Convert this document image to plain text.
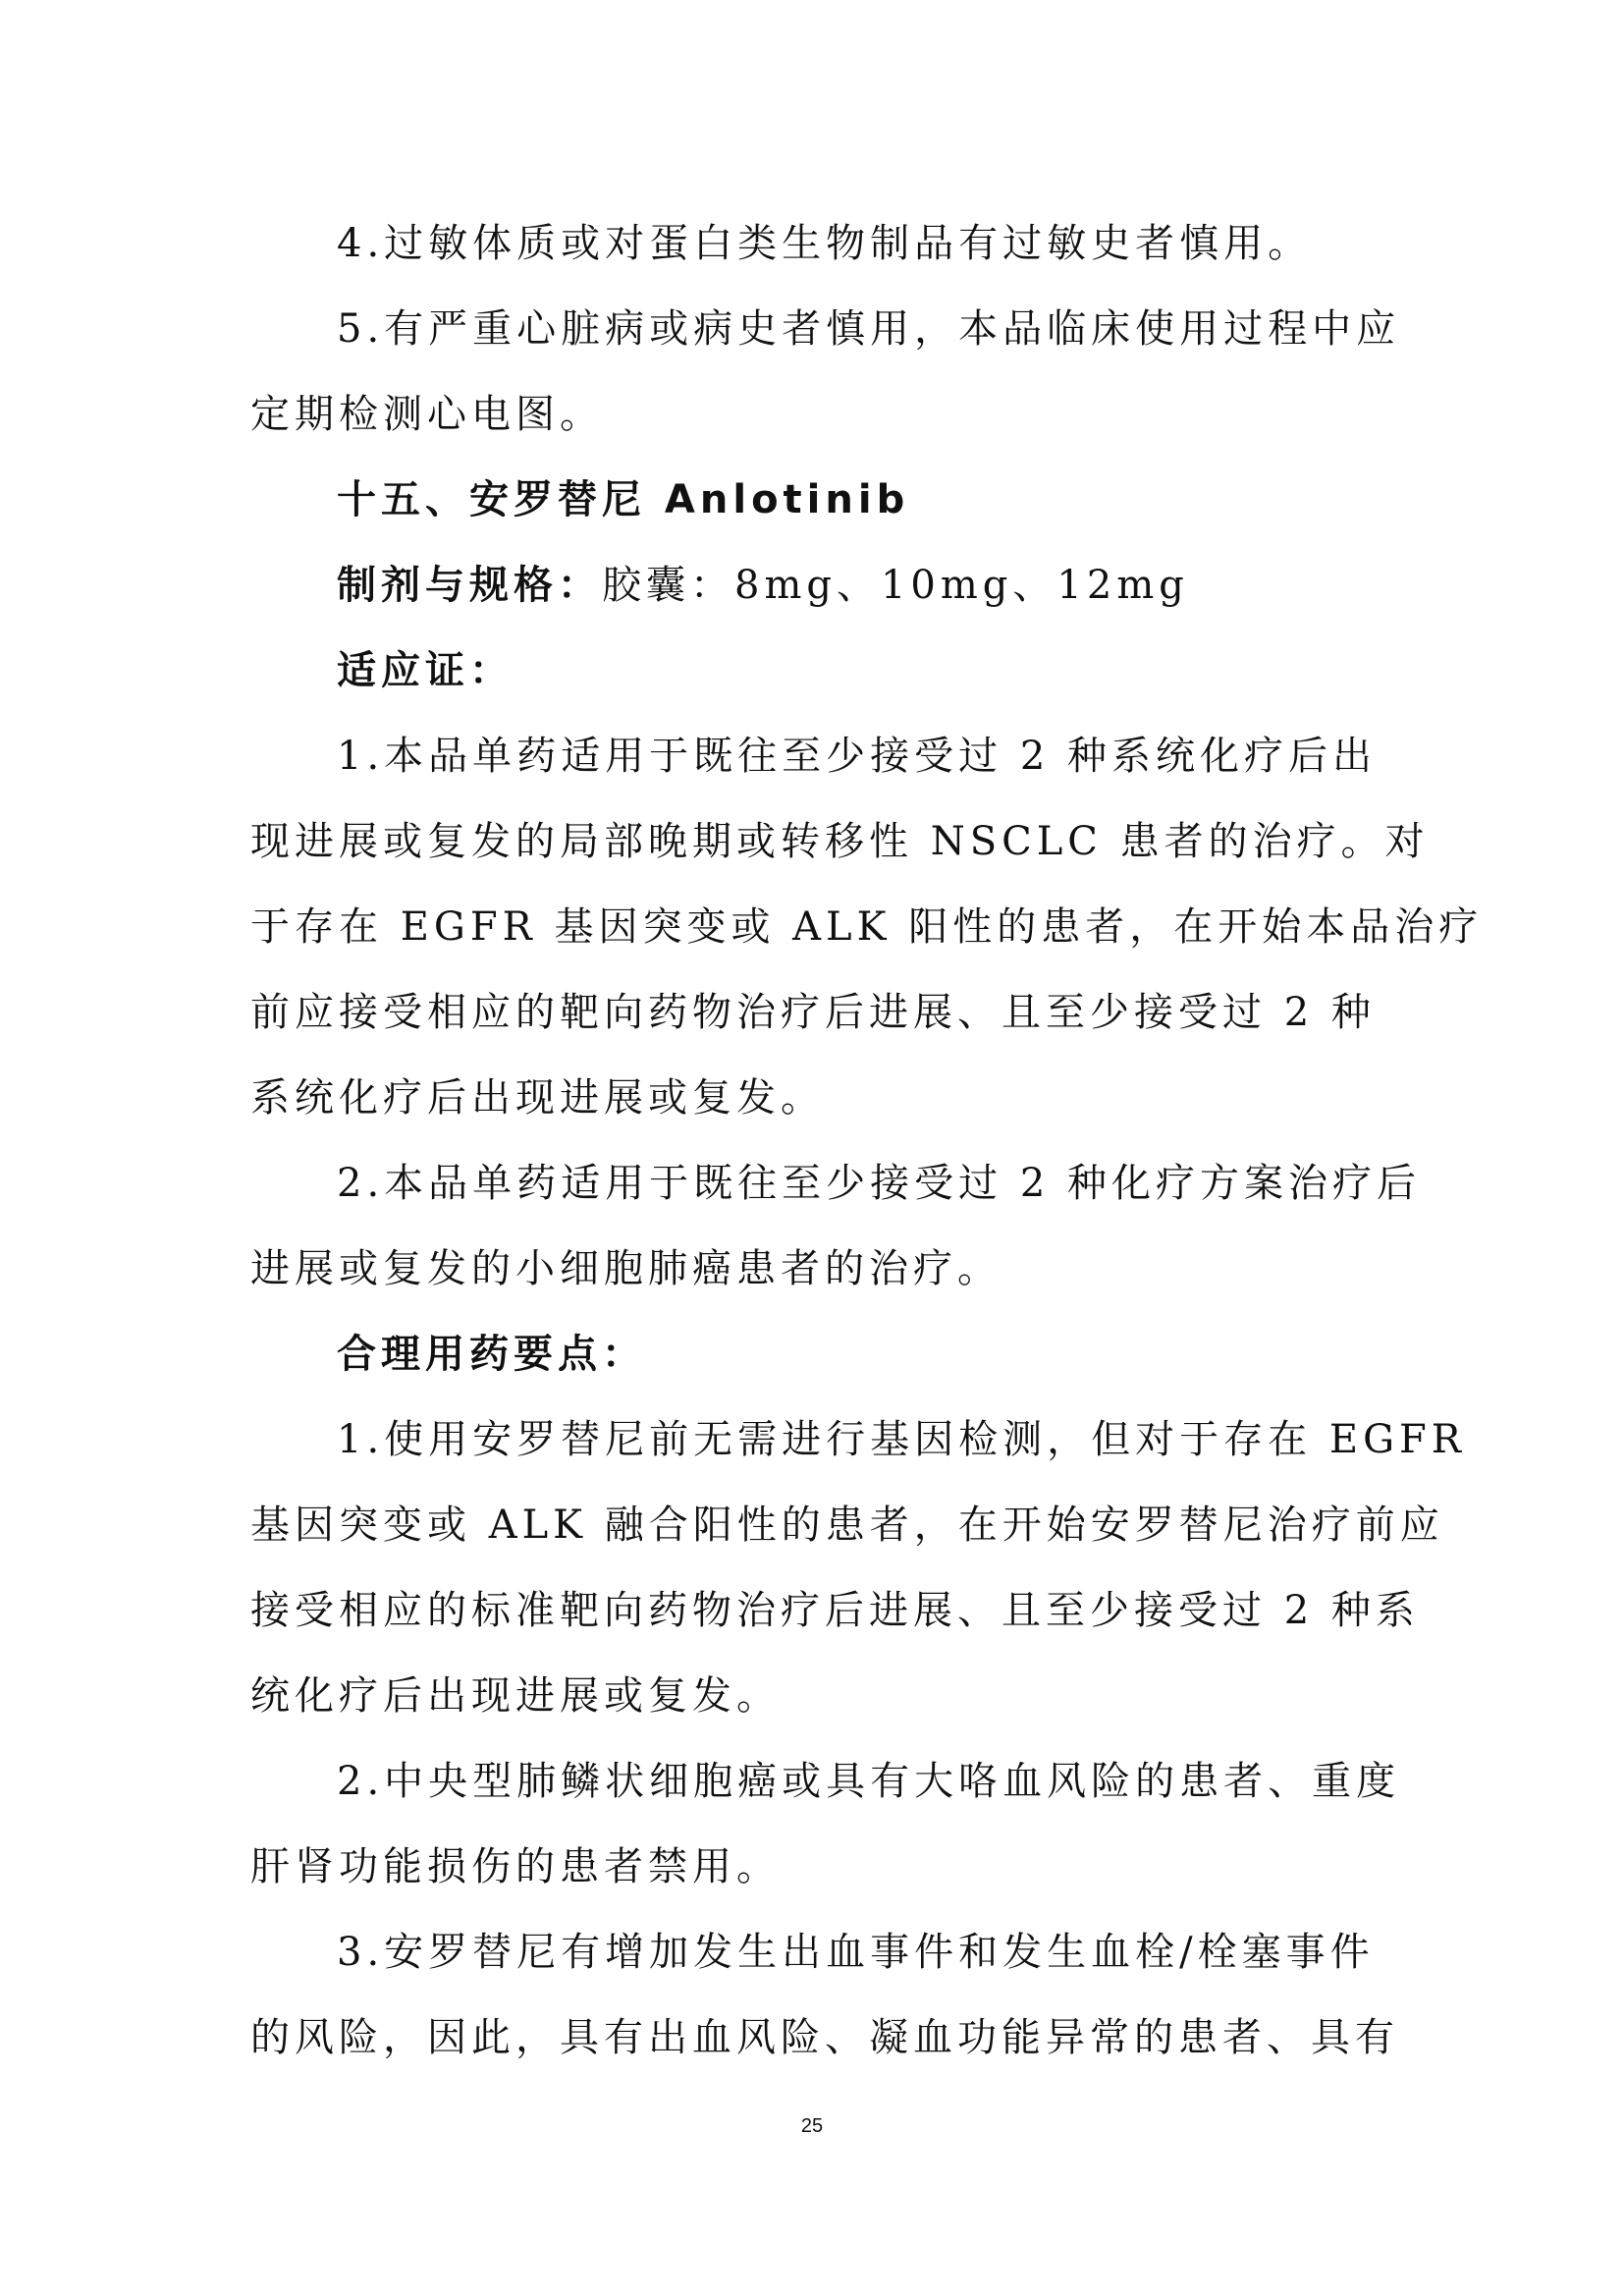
4.过敏体质或对蛋白类生物制品有过敏史者慎用。
5.有严重心脏病或病史者慎用，本品临床使用过程中应
定期检测心电图。
十五、安罗替尼 Anlotinib
制剂与规格：胶囊：8mg、10mg、12mg
适应证：
1.本品单药适用于既往至少接受过 2 种系统化疗后出
现进展或复发的局部晚期或转移性 NSCLC 患者的治疗。对
于存在 EGFR 基因突变或 ALK 阳性的患者，在开始本品治疗
前应接受相应的靶向药物治疗后进展、且至少接受过 2 种
系统化疗后出现进展或复发。
2.本品单药适用于既往至少接受过 2 种化疗方案治疗后
进展或复发的小细胞肺癌患者的治疗。
合理用药要点：
1.使用安罗替尼前无需进行基因检测，但对于存在 EGFR
基因突变或 ALK 融合阳性的患者，在开始安罗替尼治疗前应
接受相应的标准靶向药物治疗后进展、且至少接受过 2 种系
统化疗后出现进展或复发。
2.中央型肺鳞状细胞癌或具有大咯血风险的患者、重度
肝肾功能损伤的患者禁用。
3.安罗替尼有增加发生出血事件和发生血栓/栓塞事件
的风险，因此，具有出血风险、凝血功能异常的患者、具有
25
